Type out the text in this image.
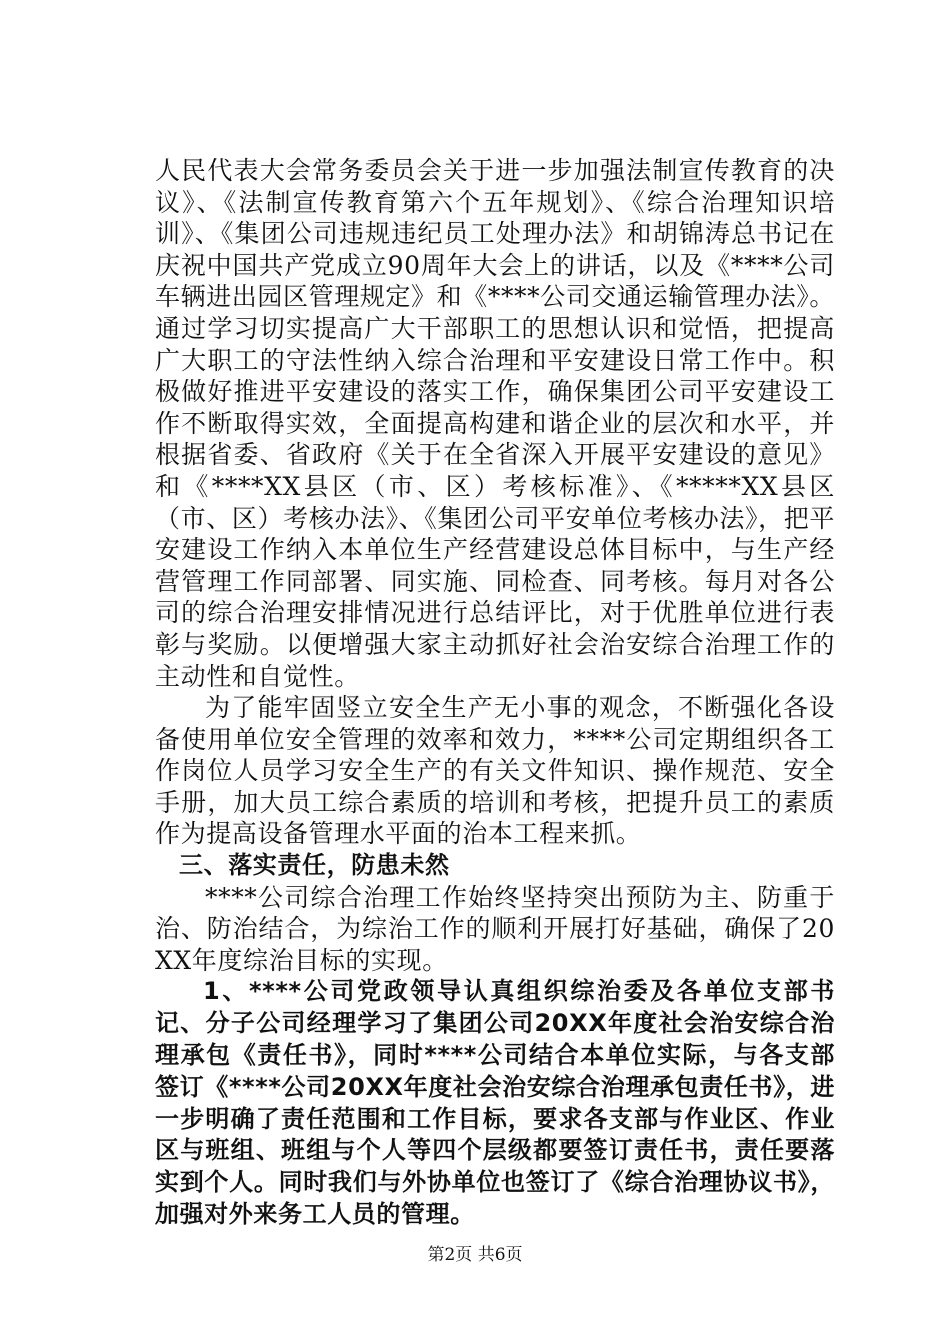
人民代表大会常务委员会关于进一步加强法制宣传教育的决议》、《法制宣传教育第六个五年规划》、《综合治理知识培训》、《集团公司违规违纪员工处理办法》和胡锦涛总书记在庆祝中国共产党成立90周年大会上的讲话，以及《****公司车辆进出园区管理规定》和《****公司交通运输管理办法》。通过学习切实提高广大干部职工的思想认识和觉悟，把提高广大职工的守法性纳入综合治理和平安建设日常工作中。积极做好推进平安建设的落实工作，确保集团公司平安建设工作不断取得实效，全面提高构建和谐企业的层次和水平，并根据省委、省政府《关于在全省深入开展平安建设的意见》和《****XX县区（市、区）考核标准》、《*****XX县区（市、区）考核办法》、《集团公司平安单位考核办法》，把平安建设工作纳入本单位生产经营建设总体目标中，与生产经营管理工作同部署、同实施、同检查、同考核。每月对各公司的综合治理安排情况进行总结评比，对于优胜单位进行表彰与奖励。以便增强大家主动抓好社会治安综合治理工作的主动性和自觉性。

为了能牢固竖立安全生产无小事的观念，不断强化各设备使用单位安全管理的效率和效力，****公司定期组织各工作岗位人员学习安全生产的有关文件知识、操作规范、安全手册，加大员工综合素质的培训和考核，把提升员工的素质作为提高设备管理水平面的治本工程来抓。

三、落实责任，防患未然

****公司综合治理工作始终坚持突出预防为主、防重于治、防治结合，为综治工作的顺利开展打好基础，确保了20XX年度综治目标的实现。

1、****公司党政领导认真组织综治委及各单位支部书记、分子公司经理学习了集团公司20XX年度社会治安综合治理承包《责任书》，同时****公司结合本单位实际，与各支部签订《****公司20XX年度社会治安综合治理承包责任书》，进一步明确了责任范围和工作目标，要求各支部与作业区、作业区与班组、班组与个人等四个层级都要签订责任书，责任要落实到个人。同时我们与外协单位也签订了《综合治理协议书》，加强对外来务工人员的管理。

第2页 共6页
